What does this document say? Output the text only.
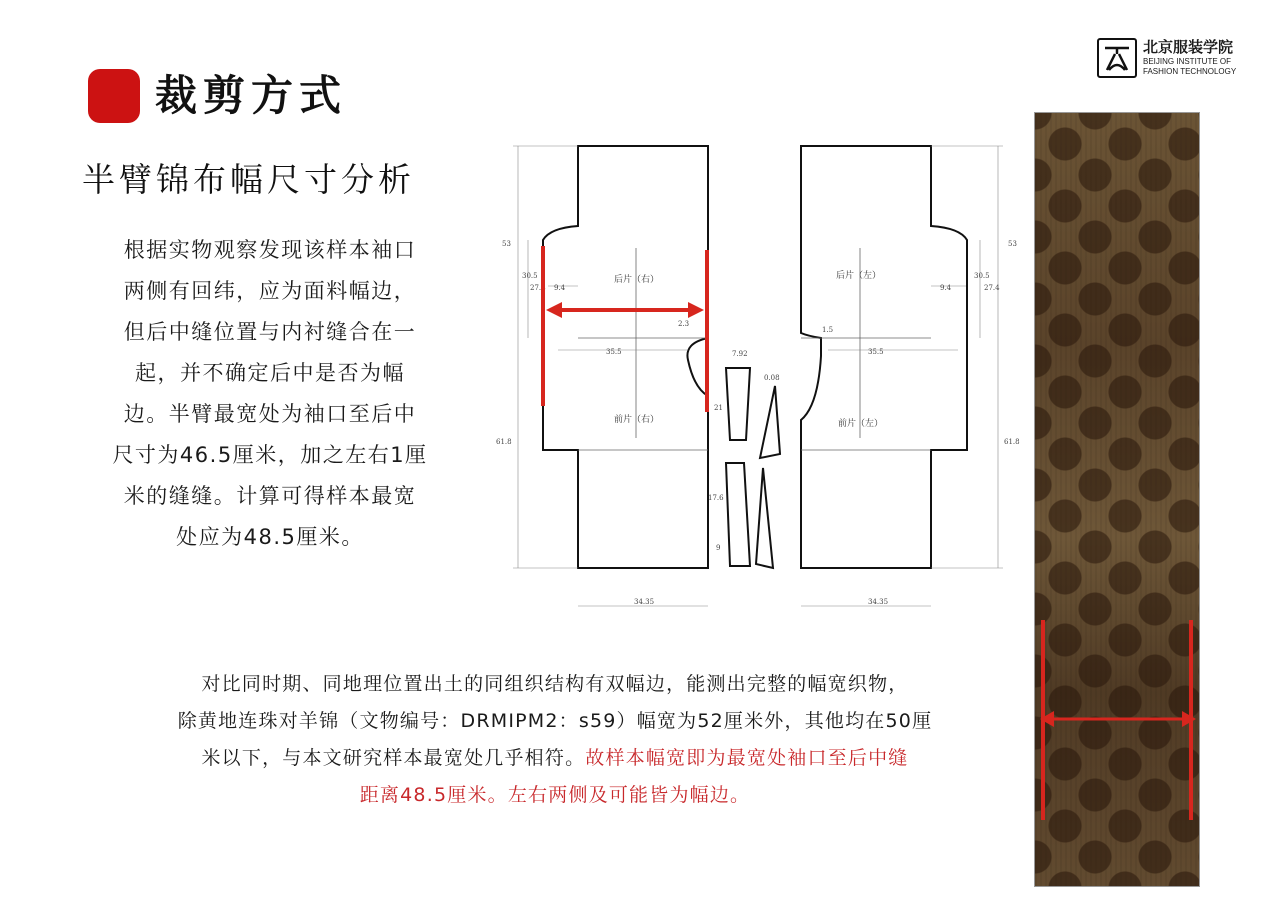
裁剪方式
半臂锦布幅尺寸分析
北京服装学院
BEIJING INSTITUTE OF
FASHION TECHNOLOGY
根据实物观察发现该样本袖口
两侧有回纬，应为面料幅边，
但后中缝位置与内衬缝合在一
起，并不确定后中是否为幅
边。半臂最宽处为袖口至后中
尺寸为46.5厘米，加之左右1厘
米的缝缝。计算可得样本最宽
处应为48.5厘米。
53	53
61.8	61.8
30.5
27.4
30.5
27.4
9.4	9.4
35.5	35.5
2.3
1.5
34.35	34.35
7.92
21
17.6
9
0.08
后片（右）
前片（右）
后片（左）
前片（左）
对比同时期、同地理位置出土的同组织结构有双幅边，能测出完整的幅宽织物，
除黄地连珠对羊锦（文物编号：DRMIPM2：s59）幅宽为52厘米外，其他均在50厘
米以下，与本文研究样本最宽处几乎相符。故样本幅宽即为最宽处袖口至后中缝
距离48.5厘米。左右两侧及可能皆为幅边。
